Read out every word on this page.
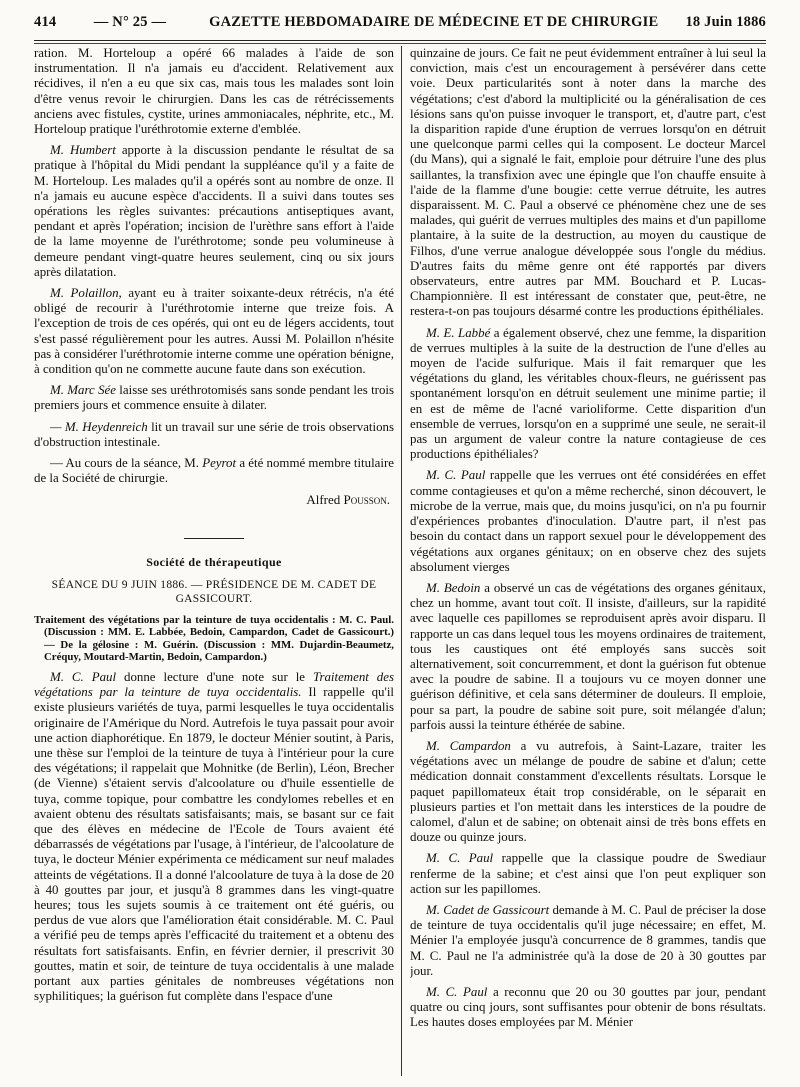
414	— N° 25 —	GAZETTE HEBDOMADAIRE DE MÉDECINE ET DE CHIRURGIE	18 Juin 1886

ration. M. Horteloup a opéré 66 malades à l'aide de son instrumentation. Il n'a jamais eu d'accident. Relativement aux récidives, il n'en a eu que six cas, mais tous les malades sont loin d'être venus revoir le chirurgien. Dans les cas de rétrécissements anciens avec fistules, cystite, urines ammoniacales, néphrite, etc., M. Horteloup pratique l'uréthrotomie externe d'emblée.

M. Humbert apporte à la discussion pendante le résultat de sa pratique à l'hôpital du Midi pendant la suppléance qu'il y a faite de M. Horteloup. Les malades qu'il a opérés sont au nombre de onze. Il n'a jamais eu aucune espèce d'accidents. Il a suivi dans toutes ses opérations les règles suivantes: précautions antiseptiques avant, pendant et après l'opération; incision de l'urèthre sans effort à l'aide de la lame moyenne de l'uréthrotome; sonde peu volumineuse à demeure pendant vingt-quatre heures seulement, cinq ou six jours après dilatation.

M. Polaillon, ayant eu à traiter soixante-deux rétrécis, n'a été obligé de recourir à l'uréthrotomie interne que treize fois. A l'exception de trois de ces opérés, qui ont eu de légers accidents, tout s'est passé régulièrement pour les autres. Aussi M. Polaillon n'hésite pas à considérer l'uréthrotomie interne comme une opération bénigne, à condition qu'on ne commette aucune faute dans son exécution.

M. Marc Sée laisse ses uréthrotomisés sans sonde pendant les trois premiers jours et commence ensuite à dilater.

— M. Heydenreich lit un travail sur une série de trois observations d'obstruction intestinale.

— Au cours de la séance, M. Peyrot a été nommé membre titulaire de la Société de chirurgie.

Alfred Pousson.
Société de thérapeutique
SÉANCE DU 9 JUIN 1886. — PRÉSIDENCE DE M. CADET DE GASSICOURT.

Traitement des végétations par la teinture de tuya occidentalis : M. C. Paul. (Discussion : MM. E. Labbée, Bedoin, Campardon, Cadet de Gassicourt.) — De la gélosine : M. Guérin. (Discussion : MM. Dujardin-Beaumetz, Créquy, Moutard-Martin, Bedoin, Campardon.)

M. C. Paul donne lecture d'une note sur le Traitement des végétations par la teinture de tuya occidentalis. Il rappelle qu'il existe plusieurs variétés de tuya, parmi lesquelles le tuya occidentalis originaire de l'Amérique du Nord. Autrefois le tuya passait pour avoir une action diaphorétique. En 1879, le docteur Ménier soutint, à Paris, une thèse sur l'emploi de la teinture de tuya à l'intérieur pour la cure des végétations; il rappelait que Mohnitke (de Berlin), Léon, Brecher (de Vienne) s'étaient servis d'alcoolature ou d'huile essentielle de tuya, comme topique, pour combattre les condylomes rebelles et en avaient obtenu des résultats satisfaisants; mais, se basant sur ce fait que des élèves en médecine de l'Ecole de Tours avaient été débarrassés de végétations par l'usage, à l'intérieur, de l'alcoolature de tuya, le docteur Ménier expérimenta ce médicament sur neuf malades atteints de végétations. Il a donné l'alcoolature de tuya à la dose de 20 à 40 gouttes par jour, et jusqu'à 8 grammes dans les vingt-quatre heures; tous les sujets soumis à ce traitement ont été guéris, ou perdus de vue alors que l'amélioration était considérable. M. C. Paul a vérifié peu de temps après l'efficacité du traitement et a obtenu des résultats fort satisfaisants. Enfin, en février dernier, il prescrivit 30 gouttes, matin et soir, de teinture de tuya occidentalis à une malade portant aux parties génitales de nombreuses végétations non syphilitiques; la guérison fut complète dans l'espace d'une

quinzaine de jours. Ce fait ne peut évidemment entraîner à lui seul la conviction, mais c'est un encouragement à persévérer dans cette voie. Deux particularités sont à noter dans la marche des végétations; c'est d'abord la multiplicité ou la généralisation de ces lésions sans qu'on puisse invoquer le transport, et, d'autre part, c'est la disparition rapide d'une éruption de verrues lorsqu'on en détruit une quelconque parmi celles qui la composent. Le docteur Marcel (du Mans), qui a signalé le fait, emploie pour détruire l'une des plus saillantes, la transfixion avec une épingle que l'on chauffe ensuite à l'aide de la flamme d'une bougie: cette verrue détruite, les autres disparaissent. M. C. Paul a observé ce phénomène chez une de ses malades, qui guérit de verrues multiples des mains et d'un papillome plantaire, à la suite de la destruction, au moyen du caustique de Filhos, d'une verrue analogue développée sous l'ongle du médius. D'autres faits du même genre ont été rapportés par divers observateurs, entre autres par MM. Bouchard et P. Lucas-Championnière. Il est intéressant de constater que, peut-être, ne restera-t-on pas toujours désarmé contre les productions épithéliales.

M. E. Labbé a également observé, chez une femme, la disparition de verrues multiples à la suite de la destruction de l'une d'elles au moyen de l'acide sulfurique. Mais il fait remarquer que les végétations du gland, les véritables choux-fleurs, ne guérissent pas spontanément lorsqu'on en détruit seulement une minime partie; il en est de même de l'acné varioliforme. Cette disparition d'un ensemble de verrues, lorsqu'on en a supprimé une seule, ne serait-il pas un argument de valeur contre la nature contagieuse de ces productions épithéliales?

M. C. Paul rappelle que les verrues ont été considérées en effet comme contagieuses et qu'on a même recherché, sinon découvert, le microbe de la verrue, mais que, du moins jusqu'ici, on n'a pu fournir d'expériences probantes d'inoculation. D'autre part, il n'est pas besoin du contact dans un rapport sexuel pour le développement des végétations aux organes génitaux; on en observe chez des sujets absolument vierges

M. Bedoin a observé un cas de végétations des organes génitaux, chez un homme, avant tout coït. Il insiste, d'ailleurs, sur la rapidité avec laquelle ces papillomes se reproduisent après avoir disparu. Il rapporte un cas dans lequel tous les moyens ordinaires de traitement, tous les caustiques ont été employés sans succès soit alternativement, soit concurremment, et dont la guérison fut obtenue avec la poudre de sabine. Il a toujours vu ce moyen donner une guérison définitive, et cela sans déterminer de douleurs. Il emploie, pour sa part, la poudre de sabine soit pure, soit mélangée d'alun; parfois aussi la teinture éthérée de sabine.

M. Campardon a vu autrefois, à Saint-Lazare, traiter les végétations avec un mélange de poudre de sabine et d'alun; cette médication donnait constamment d'excellents résultats. Lorsque le paquet papillomateux était trop considérable, on le séparait en plusieurs parties et l'on mettait dans les interstices de la poudre de calomel, d'alun et de sabine; on obtenait ainsi de très bons effets en douze ou quinze jours.

M. C. Paul rappelle que la classique poudre de Swediaur renferme de la sabine; et c'est ainsi que l'on peut expliquer son action sur les papillomes.

M. Cadet de Gassicourt demande à M. C. Paul de préciser la dose de teinture de tuya occidentalis qu'il juge nécessaire; en effet, M. Ménier l'a employée jusqu'à concurrence de 8 grammes, tandis que M. C. Paul ne l'a administrée qu'à la dose de 20 à 30 gouttes par jour.

M. C. Paul a reconnu que 20 ou 30 gouttes par jour, pendant quatre ou cinq jours, sont suffisantes pour obtenir de bons résultats. Les hautes doses employées par M. Ménier
